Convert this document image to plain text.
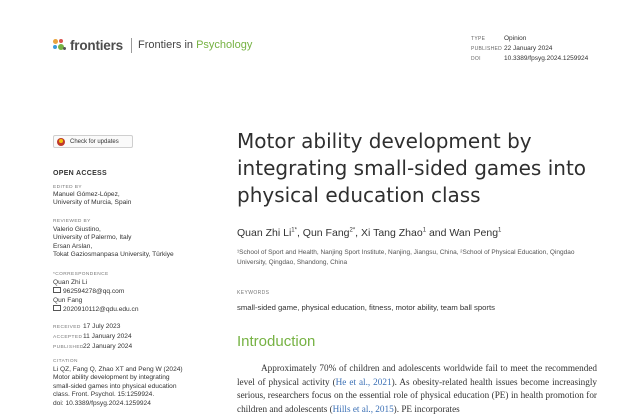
frontiers Frontiers in Psychology	TYPE	Opinion
PUBLISHED 22 January 2024
DOI	10.3389/fpsyg.2024.1259924
Check for updates
OPEN ACCESS
EDITED BY
Manuel Gómez-López,
University of Murcia, Spain
REVIEWED BY
Valerio Giustino,
University of Palermo, Italy
Ersan Arslan,
Tokat Gaziosmanpasa University, Türkiye
*CORRESPONDENCE
Quan Zhi Li
962594278@qq.com
Qun Fang
2020910112@qdu.edu.cn
RECEIVED 17 July 2023
ACCEPTED11 January 2024
PUBLISHED22 January 2024
CITATION
Li QZ, Fang Q, Zhao XT and Peng W (2024)
Motor ability development by integrating
small-sided games into physical education
class. Front. Psychol. 15:1259924.
doi: 10.3389/fpsyg.2024.1259924
Motor ability development by integrating small-sided games into physical education class
Quan Zhi $Li^{1*}$, Qun Fang$^{2*}$, Xi Tang Zhao$^1$ and Wan Peng$^1$
¹School of Sport and Health, Nanjing Sport Institute, Nanjing, Jiangsu, China, ²School of Physical Education, Qingdao University, Qingdao, Shandong, China
KEYWORDS
small-sided game, physical education, fitness, motor ability, team ball sports
Introduction

Approximately 70% of children and adolescents worldwide fail to meet the recommended level of physical activity (He et al., 2021). As obesity-related health issues become increasingly serious, researchers focus on the essential role of physical education (PE) in health promotion for children and adolescents (Hills et al., 2015). PE incorporates
